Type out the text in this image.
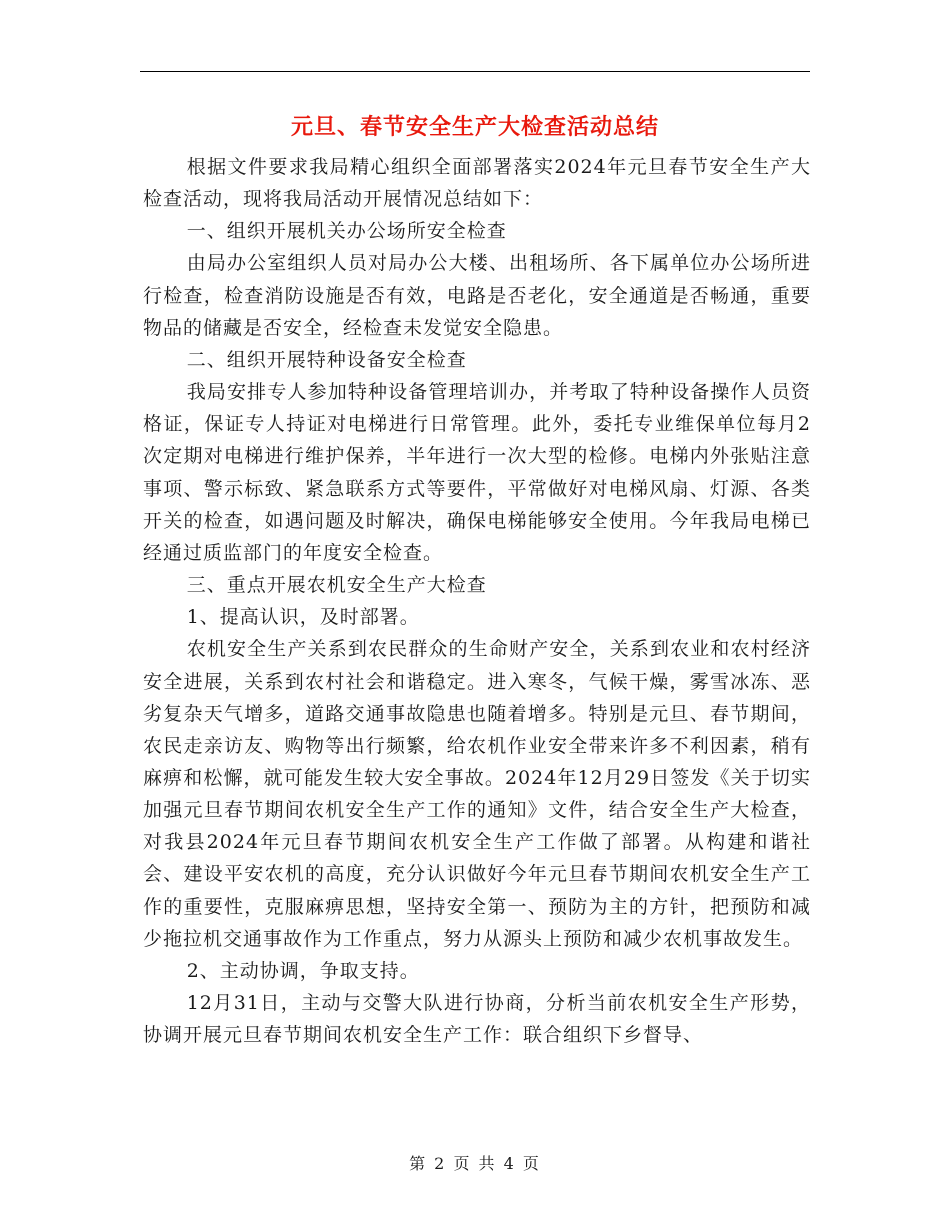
元旦、春节安全生产大检查活动总结

根据文件要求我局精心组织全面部署落实2024年元旦春节安全生产大检查活动，现将我局活动开展情况总结如下：

一、组织开展机关办公场所安全检查

由局办公室组织人员对局办公大楼、出租场所、各下属单位办公场所进行检查，检查消防设施是否有效，电路是否老化，安全通道是否畅通，重要物品的储藏是否安全，经检查未发觉安全隐患。

二、组织开展特种设备安全检查

我局安排专人参加特种设备管理培训办，并考取了特种设备操作人员资格证，保证专人持证对电梯进行日常管理。此外，委托专业维保单位每月2次定期对电梯进行维护保养，半年进行一次大型的检修。电梯内外张贴注意事项、警示标致、紧急联系方式等要件，平常做好对电梯风扇、灯源、各类开关的检查，如遇问题及时解决，确保电梯能够安全使用。今年我局电梯已经通过质监部门的年度安全检查。

三、重点开展农机安全生产大检查

1、提高认识，及时部署。

农机安全生产关系到农民群众的生命财产安全，关系到农业和农村经济安全进展，关系到农村社会和谐稳定。进入寒冬，气候干燥，雾雪冰冻、恶劣复杂天气增多，道路交通事故隐患也随着增多。特别是元旦、春节期间，农民走亲访友、购物等出行频繁，给农机作业安全带来许多不利因素，稍有麻痹和松懈，就可能发生较大安全事故。2024年12月29日签发《关于切实加强元旦春节期间农机安全生产工作的通知》文件，结合安全生产大检查，对我县2024年元旦春节期间农机安全生产工作做了部署。从构建和谐社会、建设平安农机的高度，充分认识做好今年元旦春节期间农机安全生产工作的重要性，克服麻痹思想，坚持安全第一、预防为主的方针，把预防和减少拖拉机交通事故作为工作重点，努力从源头上预防和减少农机事故发生。

2、主动协调，争取支持。

12月31日，主动与交警大队进行协商，分析当前农机安全生产形势，协调开展元旦春节期间农机安全生产工作：联合组织下乡督导、

第 2 页 共 4 页
